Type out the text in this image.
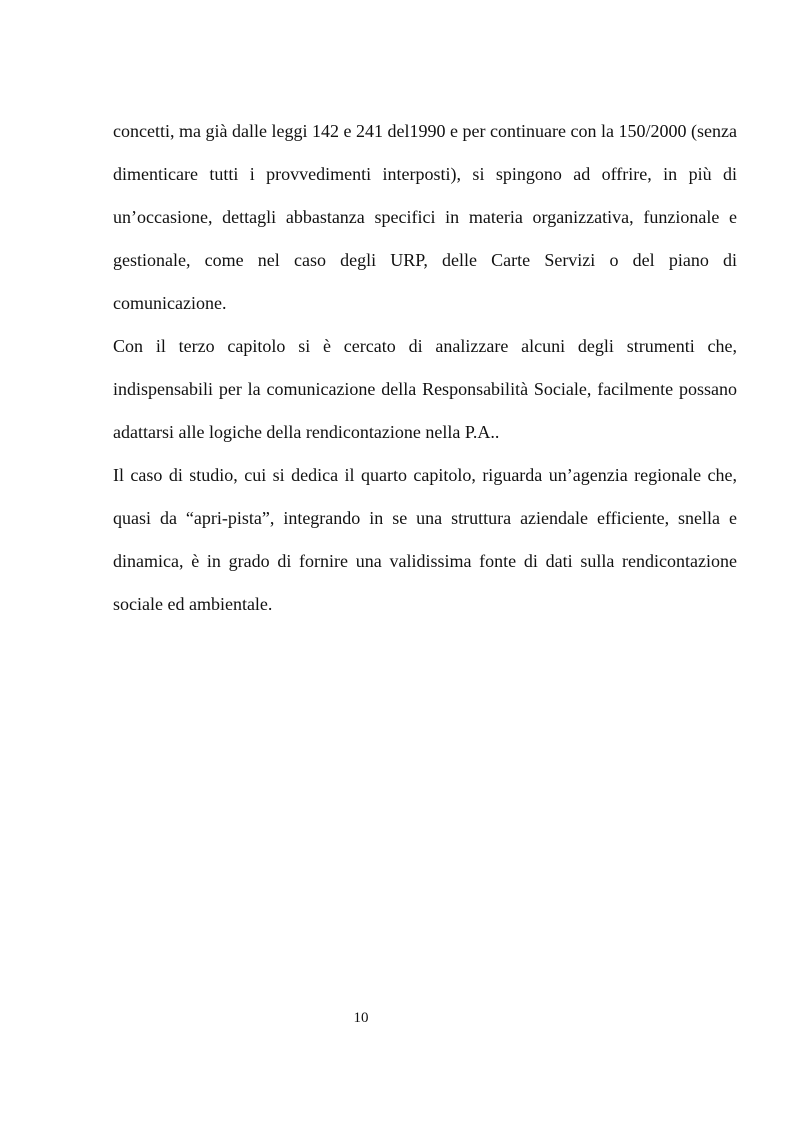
concetti, ma già dalle leggi 142 e 241 del1990 e per continuare con la 150/2000 (senza dimenticare tutti i provvedimenti interposti), si spingono ad offrire, in più di un’occasione, dettagli abbastanza specifici in materia organizzativa, funzionale e gestionale, come nel caso degli URP, delle Carte Servizi o del piano di comunicazione.

Con il terzo capitolo si è cercato di analizzare alcuni degli strumenti che, indispensabili per la comunicazione della Responsabilità Sociale, facilmente possano adattarsi alle logiche della rendicontazione nella P.A..

Il caso di studio, cui si dedica il quarto capitolo, riguarda un’agenzia regionale che, quasi da “apri-pista”, integrando in se una struttura aziendale efficiente, snella e dinamica, è in grado di fornire una validissima fonte di dati sulla rendicontazione sociale ed ambientale.

10
